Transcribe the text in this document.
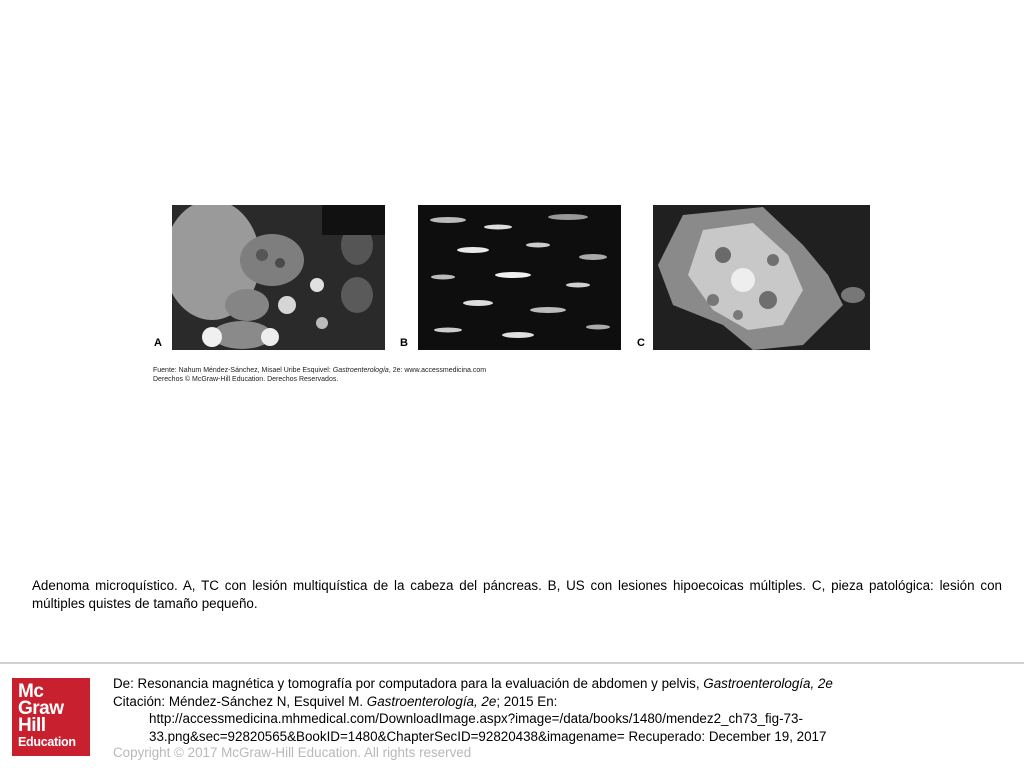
A	B	C
Fuente: Nahum Méndez-Sánchez, Misael Uribe Esquivel: Gastroenterología, 2e: www.accessmedicina.com
Derechos © McGraw-Hill Education. Derechos Reservados.
Adenoma microquístico. A, TC con lesión multiquística de la cabeza del páncreas. B, US con lesiones hipoecoicas múltiples. C, pieza patológica: lesión con múltiples quistes de tamaño pequeño.
Mc
Graw
Hill
Education
De: Resonancia magnética y tomografía por computadora para la evaluación de abdomen y pelvis, Gastroenterología, 2e
Citación: Méndez-Sánchez N, Esquivel M. Gastroenterología, 2e; 2015 En:
http://accessmedicina.mhmedical.com/DownloadImage.aspx?image=/data/books/1480/mendez2_ch73_fig-73-
33.png&sec=92820565&BookID=1480&ChapterSecID=92820438&imagename= Recuperado: December 19, 2017
Copyright © 2017 McGraw-Hill Education. All rights reserved
